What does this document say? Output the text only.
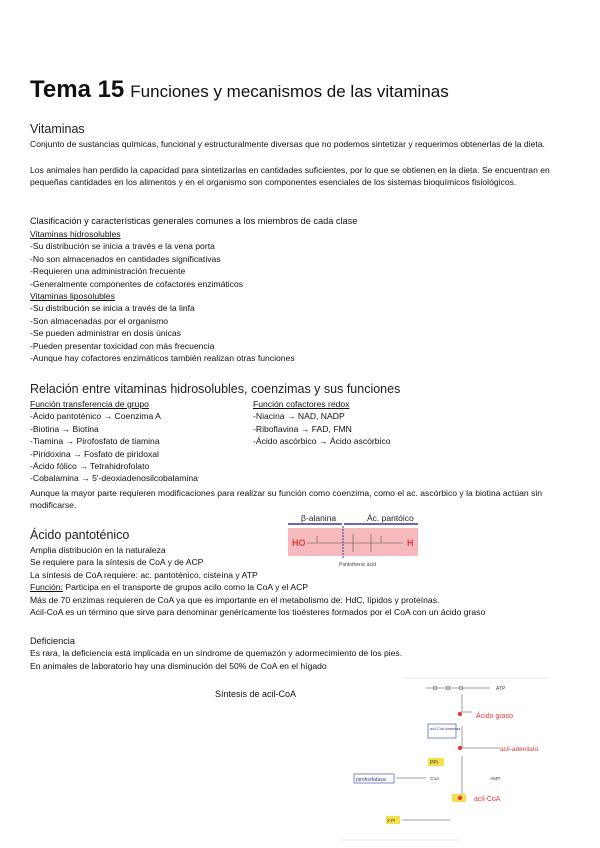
Tema 15 Funciones y mecanismos de las vitaminas
Vitaminas
Conjunto de sustancias químicas, funcional y estructuralmente diversas que no podemos sintetizar y requerimos obtenerlas de la dieta.
Los animales han perdido la capacidad para sintetizarlas en cantidades suficientes, por lo que se obtienen en la dieta. Se encuentran en pequeñas cantidades en los alimentos y en el organismo son componentes esenciales de los sistemas bioquímicos fisiológicos.
Clasificación y características generales comunes a los miembros de cada clase
Vitaminas hidrosolubles
-Su distribución se inicia a través e la vena porta
-No son almacenados en cantidades significativas
-Requieren una administración frecuente
-Generalmente componentes de cofactores enzimáticos
Vitaminas liposolubles
-Su distribución se inicia a través de la linfa
-Son almacenadas por el organismo
-Se pueden administrar en dosis únicas
-Pueden presentar toxicidad con más frecuencia
-Aunque hay cofactores enzimáticos también realizan otras funciones
Relación entre vitaminas hidrosolubles, coenzimas y sus funciones
Función transferencia de grupo
-Ácido pantoténico → Coenzima A
-Biotina → Biotina
-Tiamina → Pirofosfato de tiamina
-Piridoxina → Fosfato de piridoxal
-Ácido fólico → Tetrahidrofolato
-Cobalamina → 5'-deoxiadenosilcobalamina
Función cofactores redox
-Niacina → NAD, NADP
-Riboflavina → FAD, FMN
-Ácido ascórbico → Ácido ascórbico
Aunque la mayor parte requieren modificaciones para realizar su función como coenzima, como el ac. ascórbico y la biotina actúan sin modificarse.
Ácido pantoténico
Amplia distribución en la naturaleza
Se requiere para la síntesis de CoA y de ACP
La síntesis de CoA requiere: ac. pantoténico, cisteína y ATP
Función: Participa en el transporte de grupos acilo como la CoA y el ACP
Más de 70 enzimas requieren de CoA ya que es importante en el metabolismo de: HdC, lípidos y proteínas.
Acil-CoA es un término que sirve para denominar genéricamente los tioésteres formados por el CoA con un ácido graso
β-alanina	Ác. pantóico
HO	H
Pantothenic acid
Deficiencia
Es rara, la deficiencia está implicada en un síndrome de quemazón y adormecimiento de los pies.
En animales de laboratorio hay una disminución del 50% de CoA en el hígado
Síntesis de acil-CoA	ATP
Ácido graso
acil-CoA sintetasa
PPi
acil-adenilato
pirofosfatasa	CoA	AMP
acil-CoA
2 Pi
